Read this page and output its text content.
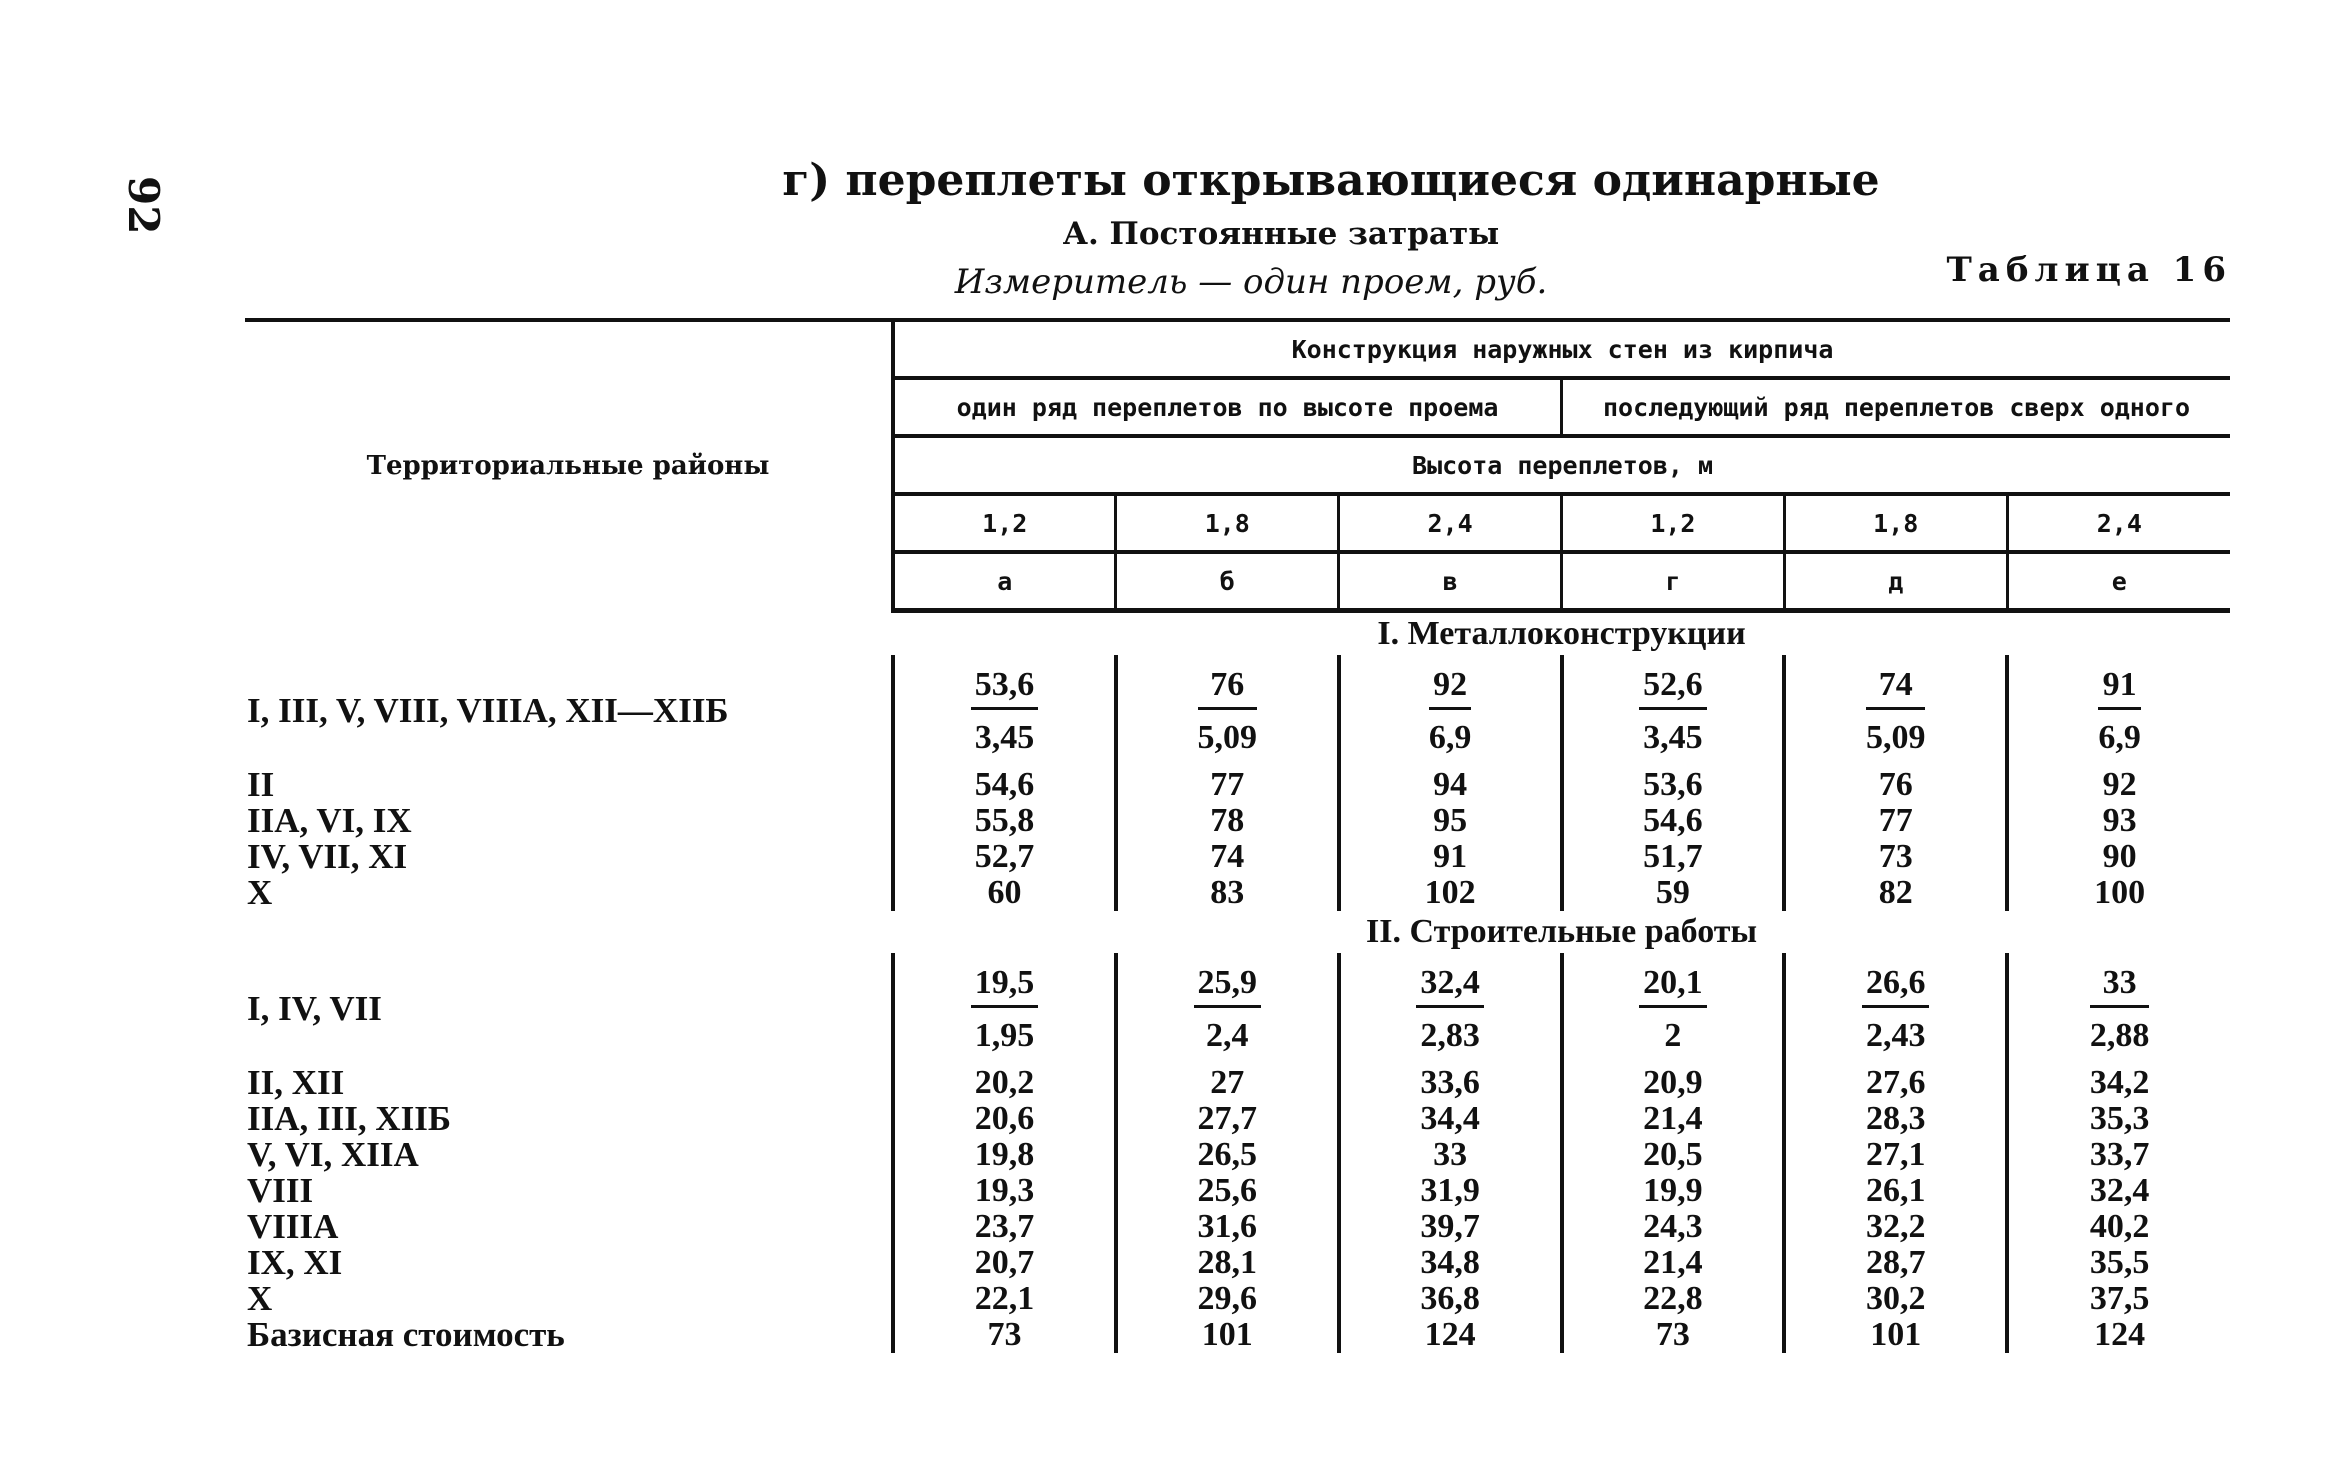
92	г) переплеты открывающиеся одинарные
А. Постоянные затраты
Измеритель — один проем, руб.	Таблица 16
Территориальные районы	Конструкция наружных стен из кирпича					
	один ряд переплетов по высоте проема			последующий ряд переплетов сверх одного		
	Высота переплетов, м					
	1,2	1,8	2,4	1,2	1,8	2,4
	а	б	в	г	д	е
	I. Металлоконструкции					
I, III, V, VIII, VIIIA, XII—XIIБ	$\frac{53,6}{3,45}$	$\frac{76}{5,09}$	$\frac{92}{6,9}$	$\frac{52,6}{3,45}$	$\frac{74}{5,09}$	$\frac{91}{6,9}$

II	54,6	77	94	53,6	76	92
IIA, VI, IX	55,8	78	95	54,6	77	93
IV, VII, XI	52,7	74	91	51,7	73	90
X	60	83	102	59	82	100
	II. Строительные работы					
I, IV, VII	$\frac{19,5}{1,95}$	$\frac{25,9}{2,4}$	$\frac{32,4}{2,83}$	$\frac{20,1}{2}$	$\frac{26,6}{2,43}$	$\frac{33}{2,88}$

II, XII	20,2	27	33,6	20,9	27,6	34,2
IIA, III, XIIБ	20,6	27,7	34,4	21,4	28,3	35,3
V, VI, XIIA	19,8	26,5	33	20,5	27,1	33,7
VIII	19,3	25,6	31,9	19,9	26,1	32,4
VIIIA	23,7	31,6	39,7	24,3	32,2	40,2
IX, XI	20,7	28,1	34,8	21,4	28,7	35,5
X	22,1	29,6	36,8	22,8	30,2	37,5
Базисная стоимость	73	101	124	73	101	124
